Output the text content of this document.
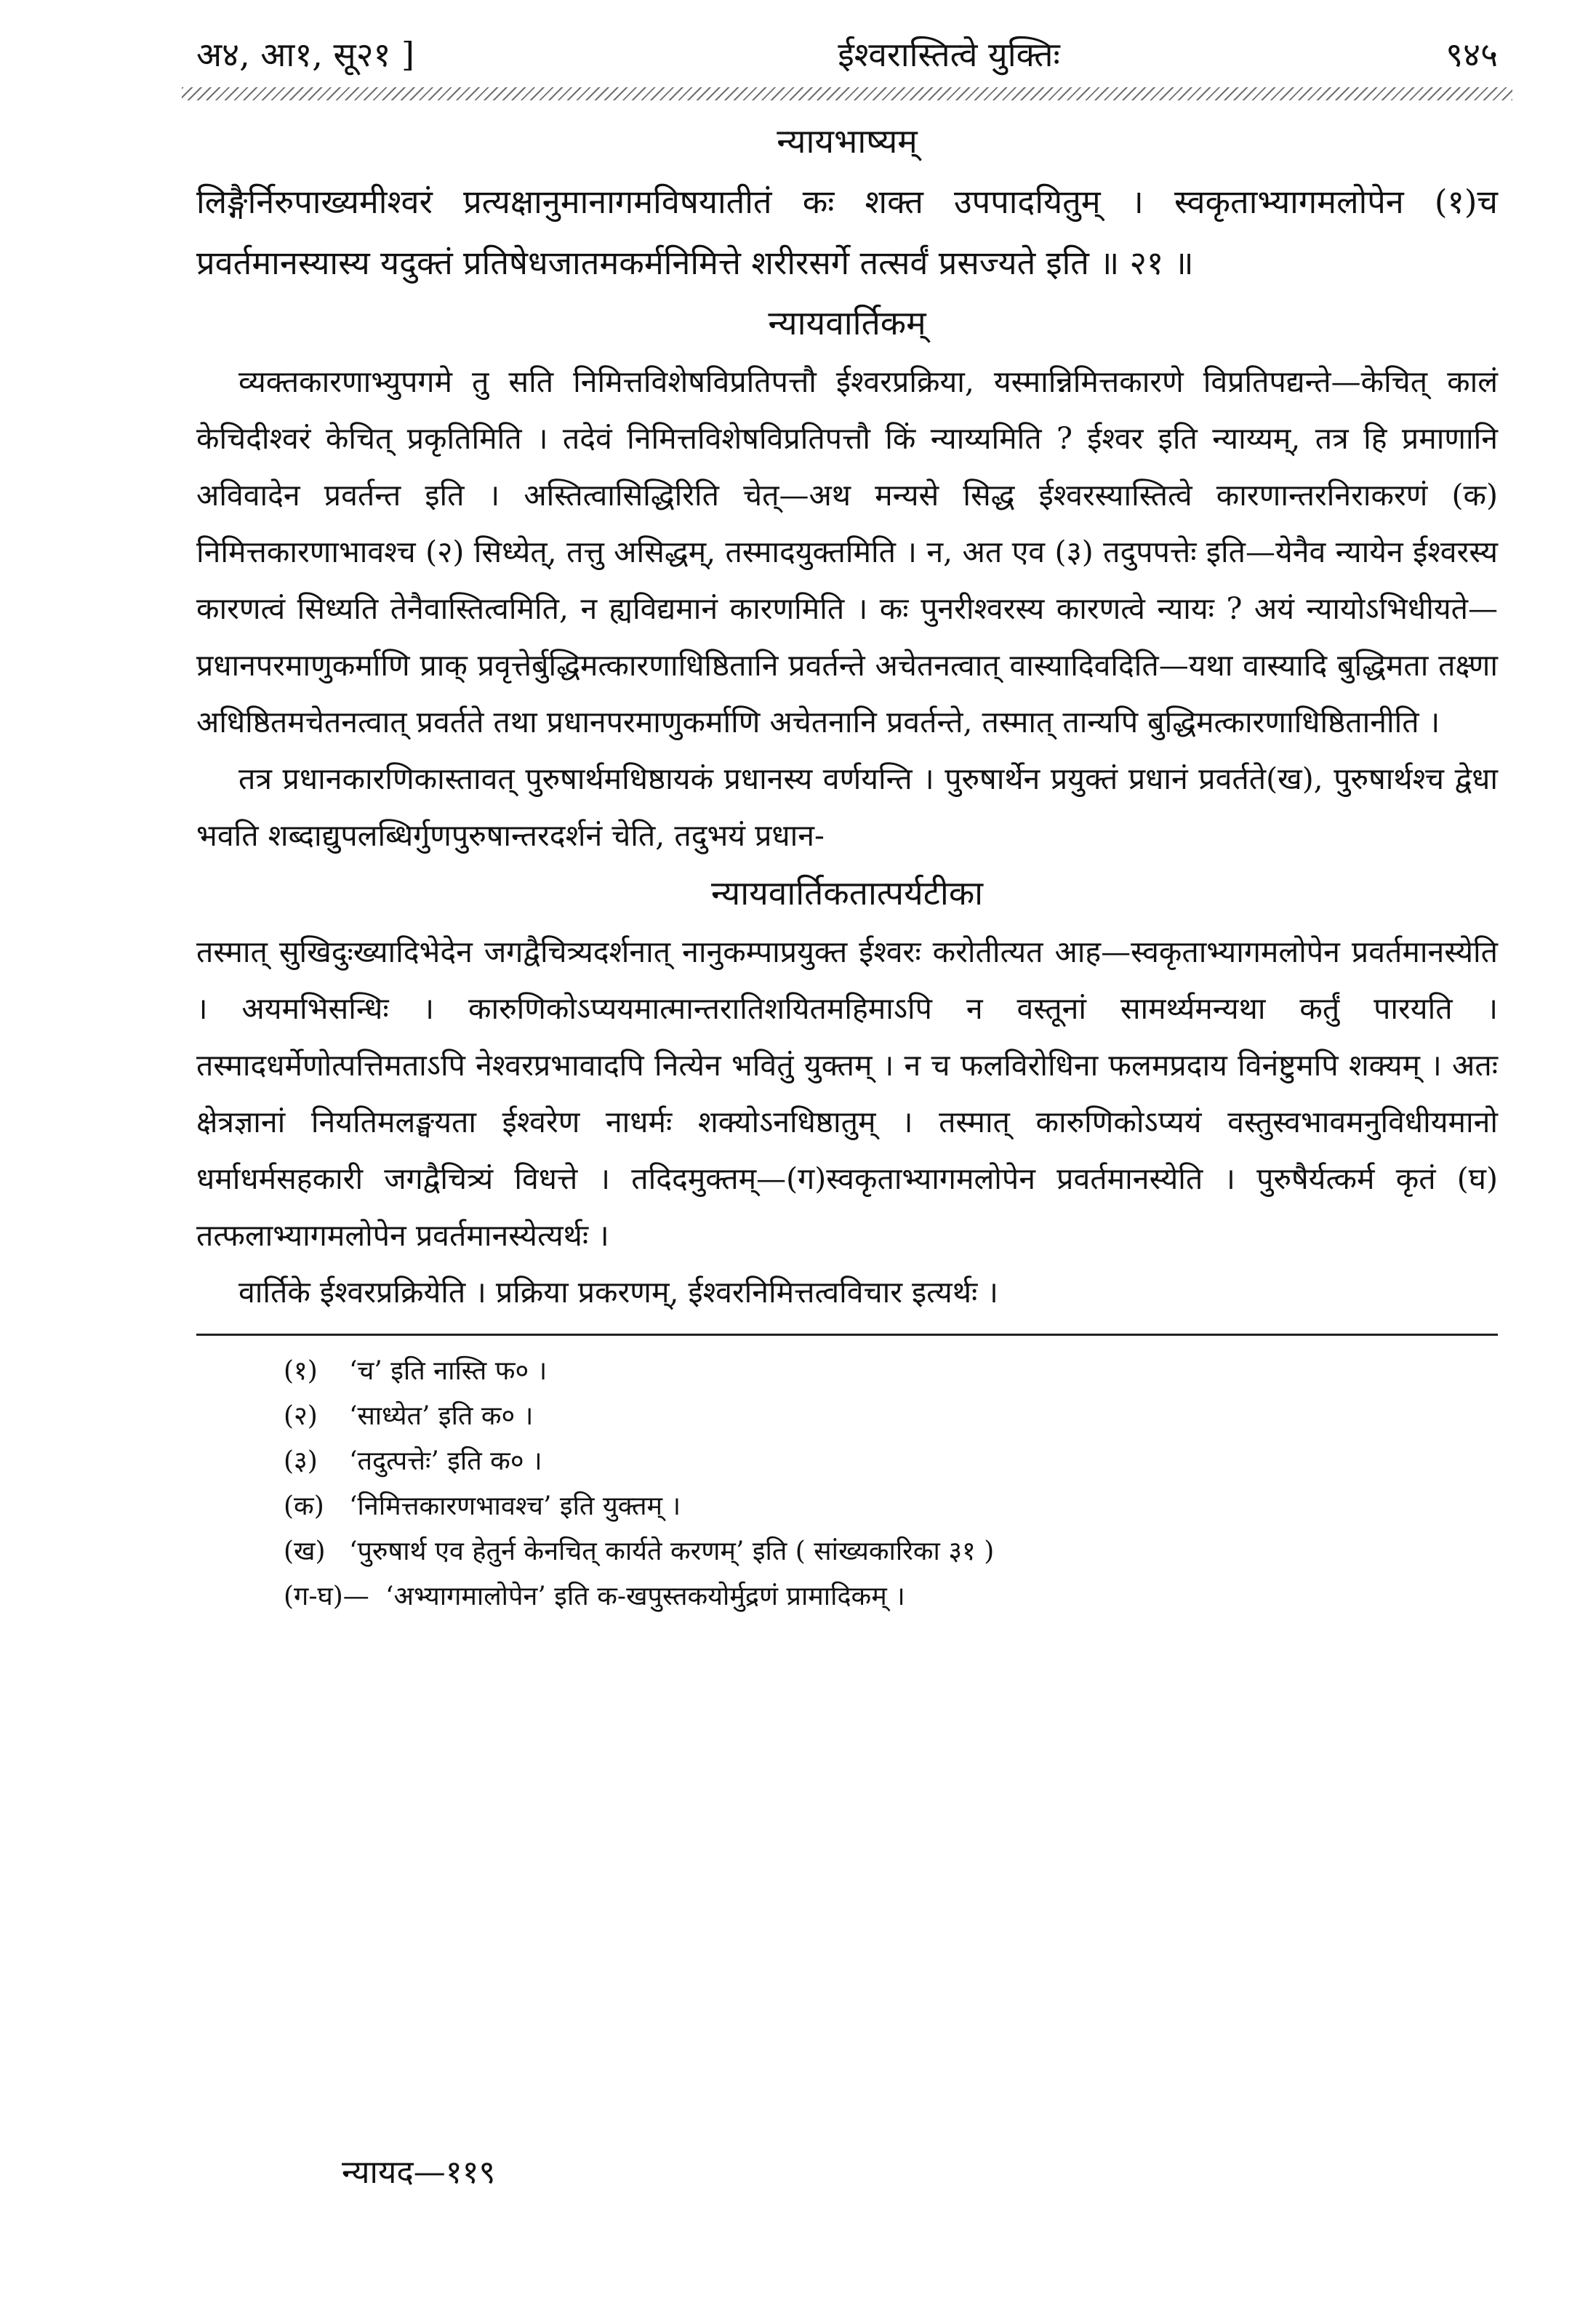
अ४, आ१, सू२१ ]	ईश्वरास्तित्वे युक्तिः	९४५
न्यायभाष्यम्

लिङ्गैर्निरुपाख्यमीश्वरं प्रत्यक्षानुमानागमविषयातीतं कः शक्त उपपादयितुम् । स्वकृताभ्यागमलोपेन (१)च प्रवर्तमानस्यास्य यदुक्तं प्रतिषेधजातमकर्मनिमित्ते शरीरसर्गे तत्सर्वं प्रसज्यते इति ॥ २१ ॥

न्यायवार्तिकम्

व्यक्तकारणाभ्युपगमे तु सति निमित्तविशेषविप्रतिपत्तौ ईश्वरप्रक्रिया, यस्मान्निमित्तकारणे विप्रतिपद्यन्ते—केचित् कालं केचिदीश्वरं केचित् प्रकृतिमिति । तदेवं निमित्तविशेषविप्रतिपत्तौ किं न्याय्यमिति ? ईश्वर इति न्याय्यम्, तत्र हि प्रमाणानि अविवादेन प्रवर्तन्त इति । अस्तित्वासिद्धिरिति चेत्—अथ मन्यसे सिद्ध ईश्वरस्यास्तित्वे कारणान्तरनिराकरणं (क) निमित्तकारणाभावश्च (२) सिध्येत्, तत्तु असिद्धम्, तस्मादयुक्तमिति । न, अत एव (३) तदुपपत्तेः इति—येनैव न्यायेन ईश्वरस्य कारणत्वं सिध्यति तेनैवास्तित्वमिति, न ह्यविद्यमानं कारणमिति । कः पुनरीश्वरस्य कारणत्वे न्यायः ? अयं न्यायोऽभिधीयते—प्रधानपरमाणुकर्माणि प्राक् प्रवृत्तेर्बुद्धिमत्कारणाधिष्ठितानि प्रवर्तन्ते अचेतनत्वात् वास्यादिवदिति—यथा वास्यादि बुद्धिमता तक्ष्णा अधिष्ठितमचेतनत्वात् प्रवर्तते तथा प्रधानपरमाणुकर्माणि अचेतनानि प्रवर्तन्ते, तस्मात् तान्यपि बुद्धिमत्कारणाधिष्ठितानीति ।

तत्र प्रधानकारणिकास्तावत् पुरुषार्थमधिष्ठायकं प्रधानस्य वर्णयन्ति । पुरुषार्थेन प्रयुक्तं प्रधानं प्रवर्तते(ख), पुरुषार्थश्च द्वेधा भवति शब्दाद्युपलब्धिर्गुणपुरुषान्तरदर्शनं चेति, तदुभयं प्रधान-

न्यायवार्तिकतात्पर्यटीका

तस्मात् सुखिदुःख्यादिभेदेन जगद्वैचित्र्यदर्शनात् नानुकम्पाप्रयुक्त ईश्वरः करोतीत्यत आह—स्वकृताभ्यागमलोपेन प्रवर्तमानस्येति । अयमभिसन्धिः । कारुणिकोऽप्ययमात्मान्तरातिशयितमहिमाऽपि न वस्तूनां सामर्थ्यमन्यथा कर्तुं पारयति । तस्मादधर्मेणोत्पत्तिमताऽपि नेश्वरप्रभावादपि नित्येन भवितुं युक्तम् । न च फलविरोधिना फलमप्रदाय विनंष्टुमपि शक्यम् । अतः क्षेत्रज्ञानां नियतिमलङ्घयता ईश्वरेण नाधर्मः शक्योऽनधिष्ठातुम् । तस्मात् कारुणिकोऽप्ययं वस्तुस्वभावमनुविधीयमानो धर्माधर्मसहकारी जगद्वैचित्र्यं विधत्ते । तदिदमुक्तम्—(ग)स्वकृताभ्यागमलोपेन प्रवर्तमानस्येति । पुरुषैर्यत्कर्म कृतं (घ) तत्फलाभ्यागमलोपेन प्रवर्तमानस्येत्यर्थः ।

वार्तिके ईश्वरप्रक्रियेति । प्रक्रिया प्रकरणम्, ईश्वरनिमित्तत्वविचार इत्यर्थः ।

(१)	‘च’ इति नास्ति फ० ।
(२)	‘साध्येत’ इति क० ।
(३)	‘तदुत्पत्तेः’ इति क० ।
(क) ‘निमित्तकारणभावश्च’ इति युक्तम् ।
(ख) ‘पुरुषार्थ एव हेतुर्न केनचित् कार्यते करणम्’ इति ( सांख्यकारिका ३१ )
(ग-घ)— ‘अभ्यागमालोपेन’ इति क-खपुस्तकयोर्मुद्रणं प्रामादिकम् ।
न्यायद—११९
